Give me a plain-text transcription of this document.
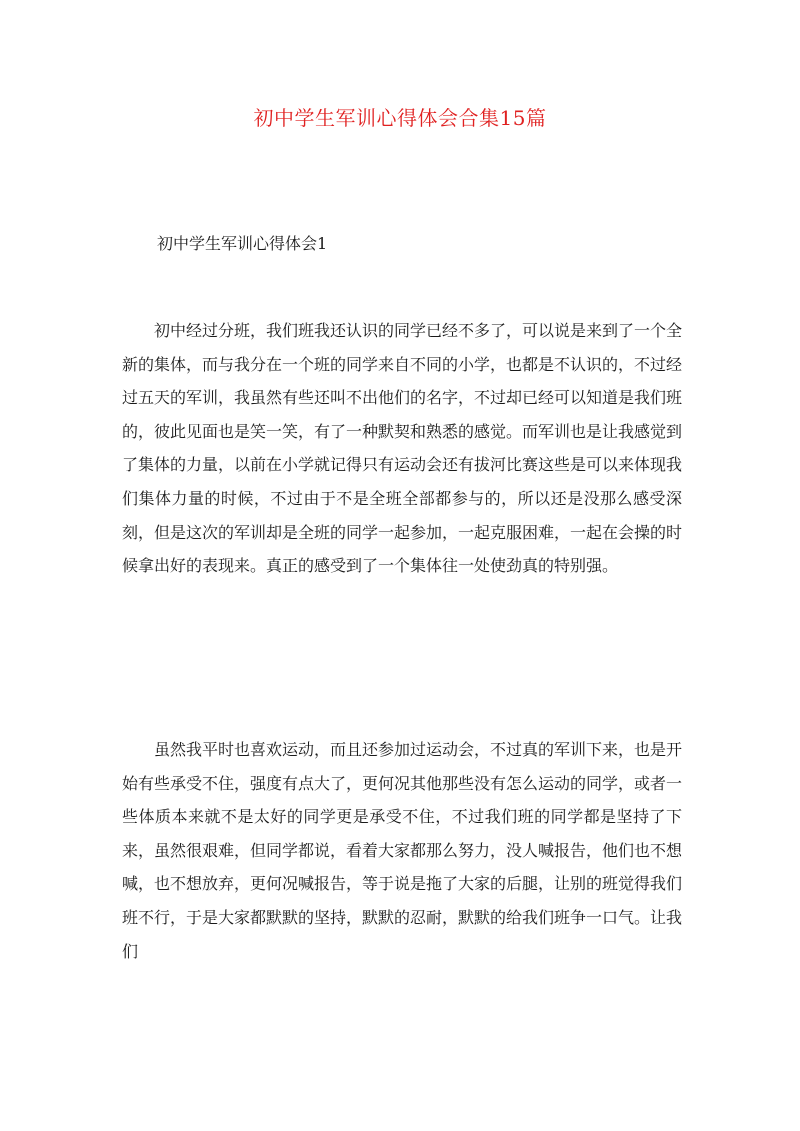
初中学生军训心得体会合集15篇
初中学生军训心得体会1

初中经过分班，我们班我还认识的同学已经不多了，可以说是来到了一个全新的集体，而与我分在一个班的同学来自不同的小学，也都是不认识的，不过经过五天的军训，我虽然有些还叫不出他们的名字，不过却已经可以知道是我们班的，彼此见面也是笑一笑，有了一种默契和熟悉的感觉。而军训也是让我感觉到了集体的力量，以前在小学就记得只有运动会还有拔河比赛这些是可以来体现我们集体力量的时候，不过由于不是全班全部都参与的，所以还是没那么感受深刻，但是这次的军训却是全班的同学一起参加，一起克服困难，一起在会操的时候拿出好的表现来。真正的感受到了一个集体往一处使劲真的特别强。

虽然我平时也喜欢运动，而且还参加过运动会，不过真的军训下来，也是开始有些承受不住，强度有点大了，更何况其他那些没有怎么运动的同学，或者一些体质本来就不是太好的同学更是承受不住，不过我们班的同学都是坚持了下来，虽然很艰难，但同学都说，看着大家都那么努力，没人喊报告，他们也不想喊，也不想放弃，更何况喊报告，等于说是拖了大家的后腿，让别的班觉得我们班不行，于是大家都默默的坚持，默默的忍耐，默默的给我们班争一口气。让我们
